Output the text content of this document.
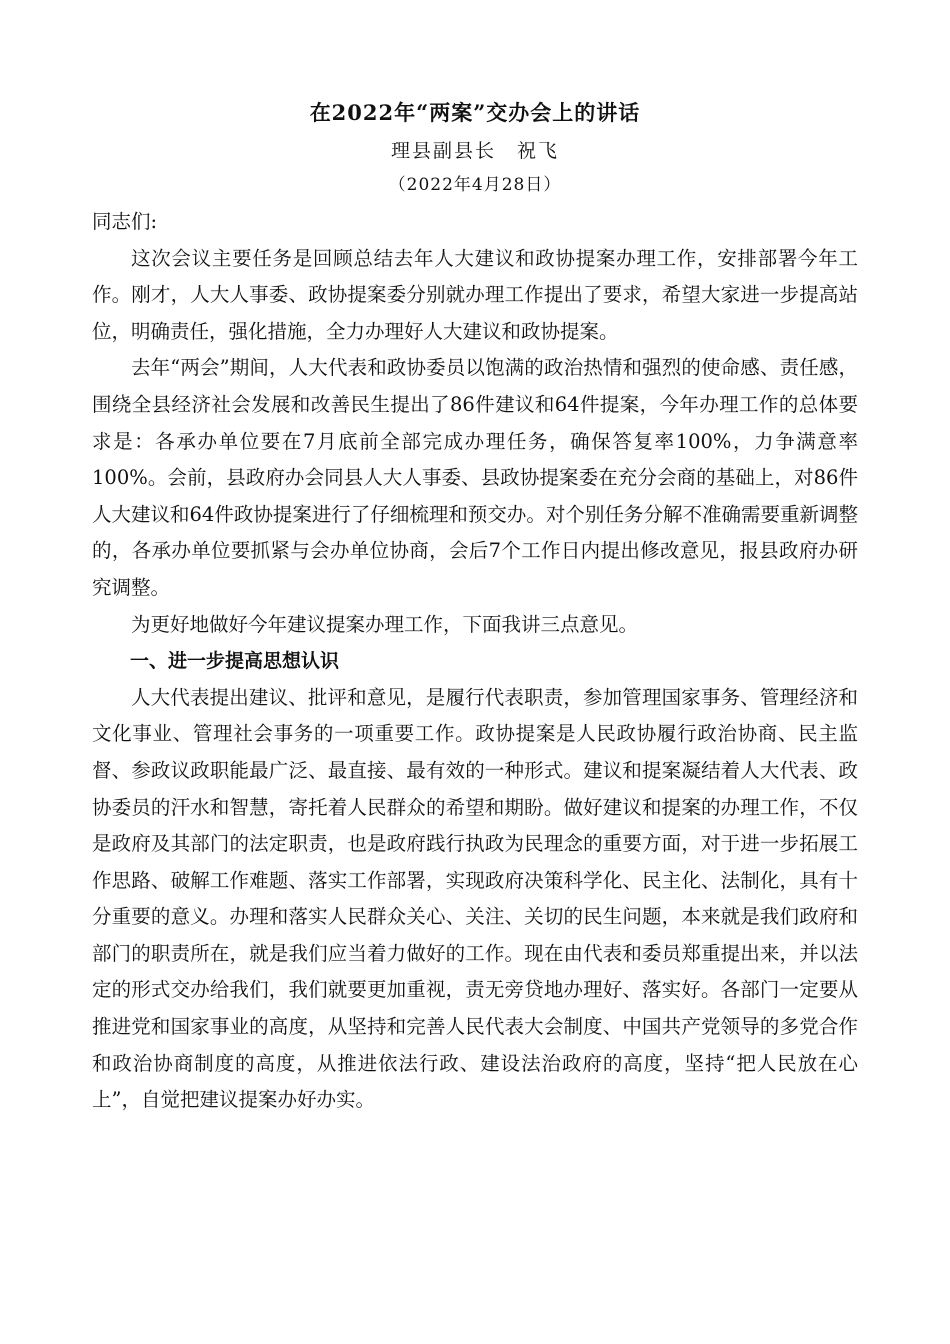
在2022年“两案”交办会上的讲话
理县副县长　祝飞
（2022年4月28日）

同志们:

这次会议主要任务是回顾总结去年人大建议和政协提案办理工作，安排部署今年工作。刚才，人大人事委、政协提案委分别就办理工作提出了要求，希望大家进一步提高站位，明确责任，强化措施，全力办理好人大建议和政协提案。

去年“两会”期间，人大代表和政协委员以饱满的政治热情和强烈的使命感、责任感，围绕全县经济社会发展和改善民生提出了86件建议和64件提案，今年办理工作的总体要求是：各承办单位要在7月底前全部完成办理任务，确保答复率100%，力争满意率100%。会前，县政府办会同县人大人事委、县政协提案委在充分会商的基础上，对86件人大建议和64件政协提案进行了仔细梳理和预交办。对个别任务分解不准确需要重新调整的，各承办单位要抓紧与会办单位协商，会后7个工作日内提出修改意见，报县政府办研究调整。

为更好地做好今年建议提案办理工作，下面我讲三点意见。

一、进一步提高思想认识

人大代表提出建议、批评和意见，是履行代表职责，参加管理国家事务、管理经济和文化事业、管理社会事务的一项重要工作。政协提案是人民政协履行政治协商、民主监督、参政议政职能最广泛、最直接、最有效的一种形式。建议和提案凝结着人大代表、政协委员的汗水和智慧，寄托着人民群众的希望和期盼。做好建议和提案的办理工作，不仅是政府及其部门的法定职责，也是政府践行执政为民理念的重要方面，对于进一步拓展工作思路、破解工作难题、落实工作部署，实现政府决策科学化、民主化、法制化，具有十分重要的意义。办理和落实人民群众关心、关注、关切的民生问题，本来就是我们政府和部门的职责所在，就是我们应当着力做好的工作。现在由代表和委员郑重提出来，并以法定的形式交办给我们，我们就要更加重视，责无旁贷地办理好、落实好。各部门一定要从推进党和国家事业的高度，从坚持和完善人民代表大会制度、中国共产党领导的多党合作和政治协商制度的高度，从推进依法行政、建设法治政府的高度，坚持“把人民放在心上”，自觉把建议提案办好办实。
